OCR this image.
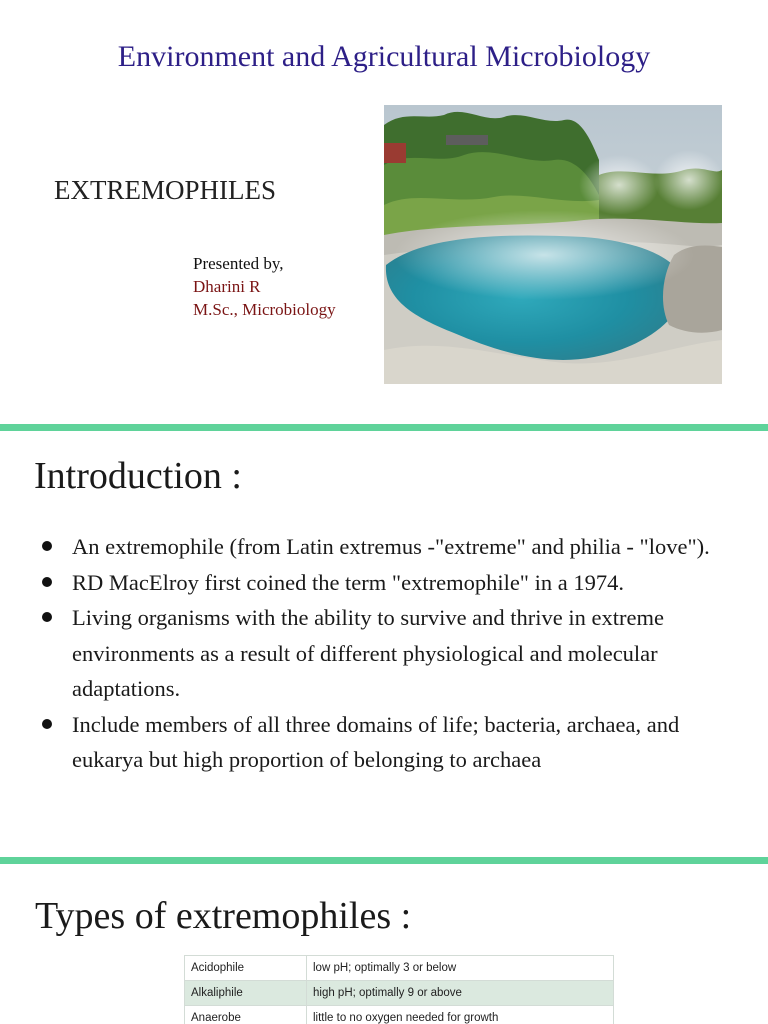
Environment and Agricultural Microbiology
EXTREMOPHILES
Presented by,
Dharini R
M.Sc., Microbiology
Introduction :
An extremophile (from Latin extremus -"extreme" and philia - "love").
RD MacElroy first coined the term "extremophile" in a 1974.
Living organisms with the ability to survive and thrive in extreme environments as a result of different physiological and molecular adaptations.
Include members of all three domains of life; bacteria, archaea, and eukarya but high proportion of belonging to archaea
Types of extremophiles :
Acidophile	low pH; optimally 3 or below
Alkaliphile	high pH; optimally 9 or above
Anaerobe	little to no oxygen needed for growth
